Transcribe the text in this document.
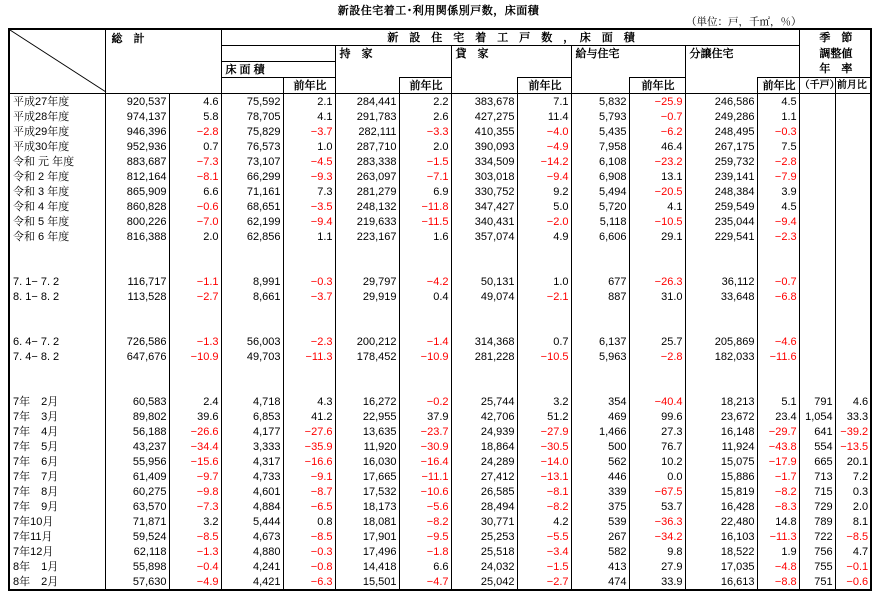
新設住宅着工･利用関係別戸数，床面積
（単位：戸，千㎡，％）
	総　計		新　設　住　宅　着　工　戸　数　，　床　面　積										季　節	
					持　家		貸　家		給与住宅		分譲住宅		調整値	
			床 面 積										年　率	
				前年比		前年比		前年比		前年比		前年比	（千戸）	前月比
平成27年度	920,537	4.6	75,592	2.1	284,441	2.2	383,678	7.1	5,832	−25.9	246,586	4.5		
平成28年度	974,137	5.8	78,705	4.1	291,783	2.6	427,275	11.4	5,793	−0.7	249,286	1.1		
平成29年度	946,396	−2.8	75,829	−3.7	282,111	−3.3	410,355	−4.0	5,435	−6.2	248,495	−0.3		
平成30年度	952,936	0.7	76,573	1.0	287,710	2.0	390,093	−4.9	7,958	46.4	267,175	7.5		
令和 元 年度	883,687	−7.3	73,107	−4.5	283,338	−1.5	334,509	−14.2	6,108	−23.2	259,732	−2.8		
令和 2 年度	812,164	−8.1	66,299	−9.3	263,097	−7.1	303,018	−9.4	6,908	13.1	239,141	−7.9		
令和 3 年度	865,909	6.6	71,161	7.3	281,279	6.9	330,752	9.2	5,494	−20.5	248,384	3.9		
令和 4 年度	860,828	−0.6	68,651	−3.5	248,132	−11.8	347,427	5.0	5,720	4.1	259,549	4.5		
令和 5 年度	800,226	−7.0	62,199	−9.4	219,633	−11.5	340,431	−2.0	5,118	−10.5	235,044	−9.4		
令和 6 年度	816,388	2.0	62,856	1.1	223,167	1.6	357,074	4.9	6,606	29.1	229,541	−2.3		

7. 1− 7. 2	116,717	−1.1	8,991	−0.3	29,797	−4.2	50,131	1.0	677	−26.3	36,112	−0.7		
8. 1− 8. 2	113,528	−2.7	8,661	−3.7	29,919	0.4	49,074	−2.1	887	31.0	33,648	−6.8		

6. 4− 7. 2	726,586	−1.3	56,003	−2.3	200,212	−1.4	314,368	0.7	6,137	25.7	205,869	−4.6		
7. 4− 8. 2	647,676	−10.9	49,703	−11.3	178,452	−10.9	281,228	−10.5	5,963	−2.8	182,033	−11.6		

7年　2月	60,583	2.4	4,718	4.3	16,272	−0.2	25,744	3.2	354	−40.4	18,213	5.1	791	4.6
7年　3月	89,802	39.6	6,853	41.2	22,955	37.9	42,706	51.2	469	99.6	23,672	23.4	1,054	33.3
7年　4月	56,188	−26.6	4,177	−27.6	13,635	−23.7	24,939	−27.9	1,466	27.3	16,148	−29.7	641	−39.2
7年　5月	43,237	−34.4	3,333	−35.9	11,920	−30.9	18,864	−30.5	500	76.7	11,924	−43.8	554	−13.5
7年　6月	55,956	−15.6	4,317	−16.6	16,030	−16.4	24,289	−14.0	562	10.2	15,075	−17.9	665	20.1
7年　7月	61,409	−9.7	4,733	−9.1	17,665	−11.1	27,412	−13.1	446	0.0	15,886	−1.7	713	7.2
7年　8月	60,275	−9.8	4,601	−8.7	17,532	−10.6	26,585	−8.1	339	−67.5	15,819	−8.2	715	0.3
7年　9月	63,570	−7.3	4,884	−6.5	18,173	−5.6	28,494	−8.2	375	53.7	16,428	−8.3	729	2.0
7年10月	71,871	3.2	5,444	0.8	18,081	−8.2	30,771	4.2	539	−36.3	22,480	14.8	789	8.1
7年11月	59,524	−8.5	4,673	−8.5	17,901	−9.5	25,253	−5.5	267	−34.2	16,103	−11.3	722	−8.5
7年12月	62,118	−1.3	4,880	−0.3	17,496	−1.8	25,518	−3.4	582	9.8	18,522	1.9	756	4.7
8年　1月	55,898	−0.4	4,241	−0.8	14,418	6.6	24,032	−1.5	413	27.9	17,035	−4.8	755	−0.1
8年　2月	57,630	−4.9	4,421	−6.3	15,501	−4.7	25,042	−2.7	474	33.9	16,613	−8.8	751	−0.6
